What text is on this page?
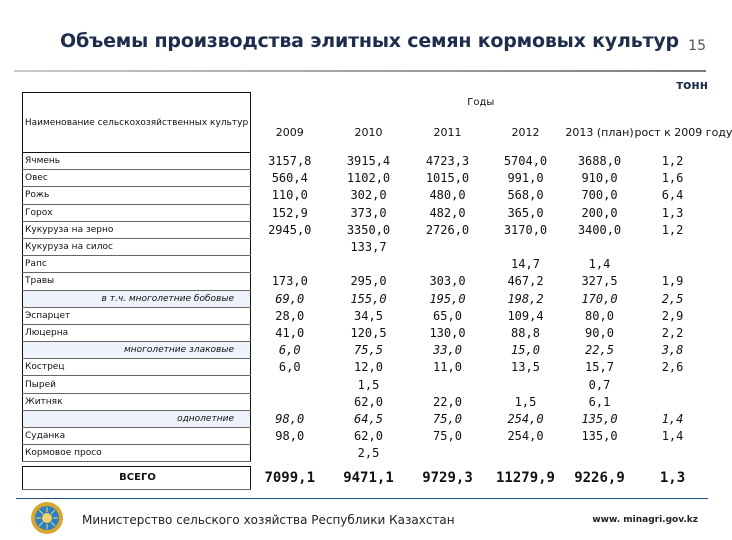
Объемы производства элитных семян кормовых культур 15
тонн
Наименование сельскохозяйственных культур	Годы					
	2009	2010	2011	2012	2013 (план)	рост к 2009 году
Ячмень	3157,8	3915,4	4723,3	5704,0	3688,0	1,2
Овес	560,4	1102,0	1015,0	991,0	910,0	1,6
Рожь	110,0	302,0	480,0	568,0	700,0	6,4
Горох	152,9	373,0	482,0	365,0	200,0	1,3
Кукуруза на зерно	2945,0	3350,0	2726,0	3170,0	3400,0	1,2
Кукуруза на силос		133,7				
Рапс				14,7	1,4	
Травы	173,0	295,0	303,0	467,2	327,5	1,9
в т.ч. многолетние бобовые	69,0	155,0	195,0	198,2	170,0	2,5
Эспарцет	28,0	34,5	65,0	109,4	80,0	2,9
Люцерна	41,0	120,5	130,0	88,8	90,0	2,2
многолетние злаковые	6,0	75,5	33,0	15,0	22,5	3,8
Кострец	6,0	12,0	11,0	13,5	15,7	2,6
Пырей		1,5			0,7	
Житняк		62,0	22,0	1,5	6,1	
однолетние	98,0	64,5	75,0	254,0	135,0	1,4
Суданка	98,0	62,0	75,0	254,0	135,0	1,4
Кормовое просо		2,5				

ВСЕГО	7099,1	9471,1	9729,3	11279,9	9226,9	1,3
Министерство сельского хозяйства Республики Казахстан	www. minagri.gov.kz
